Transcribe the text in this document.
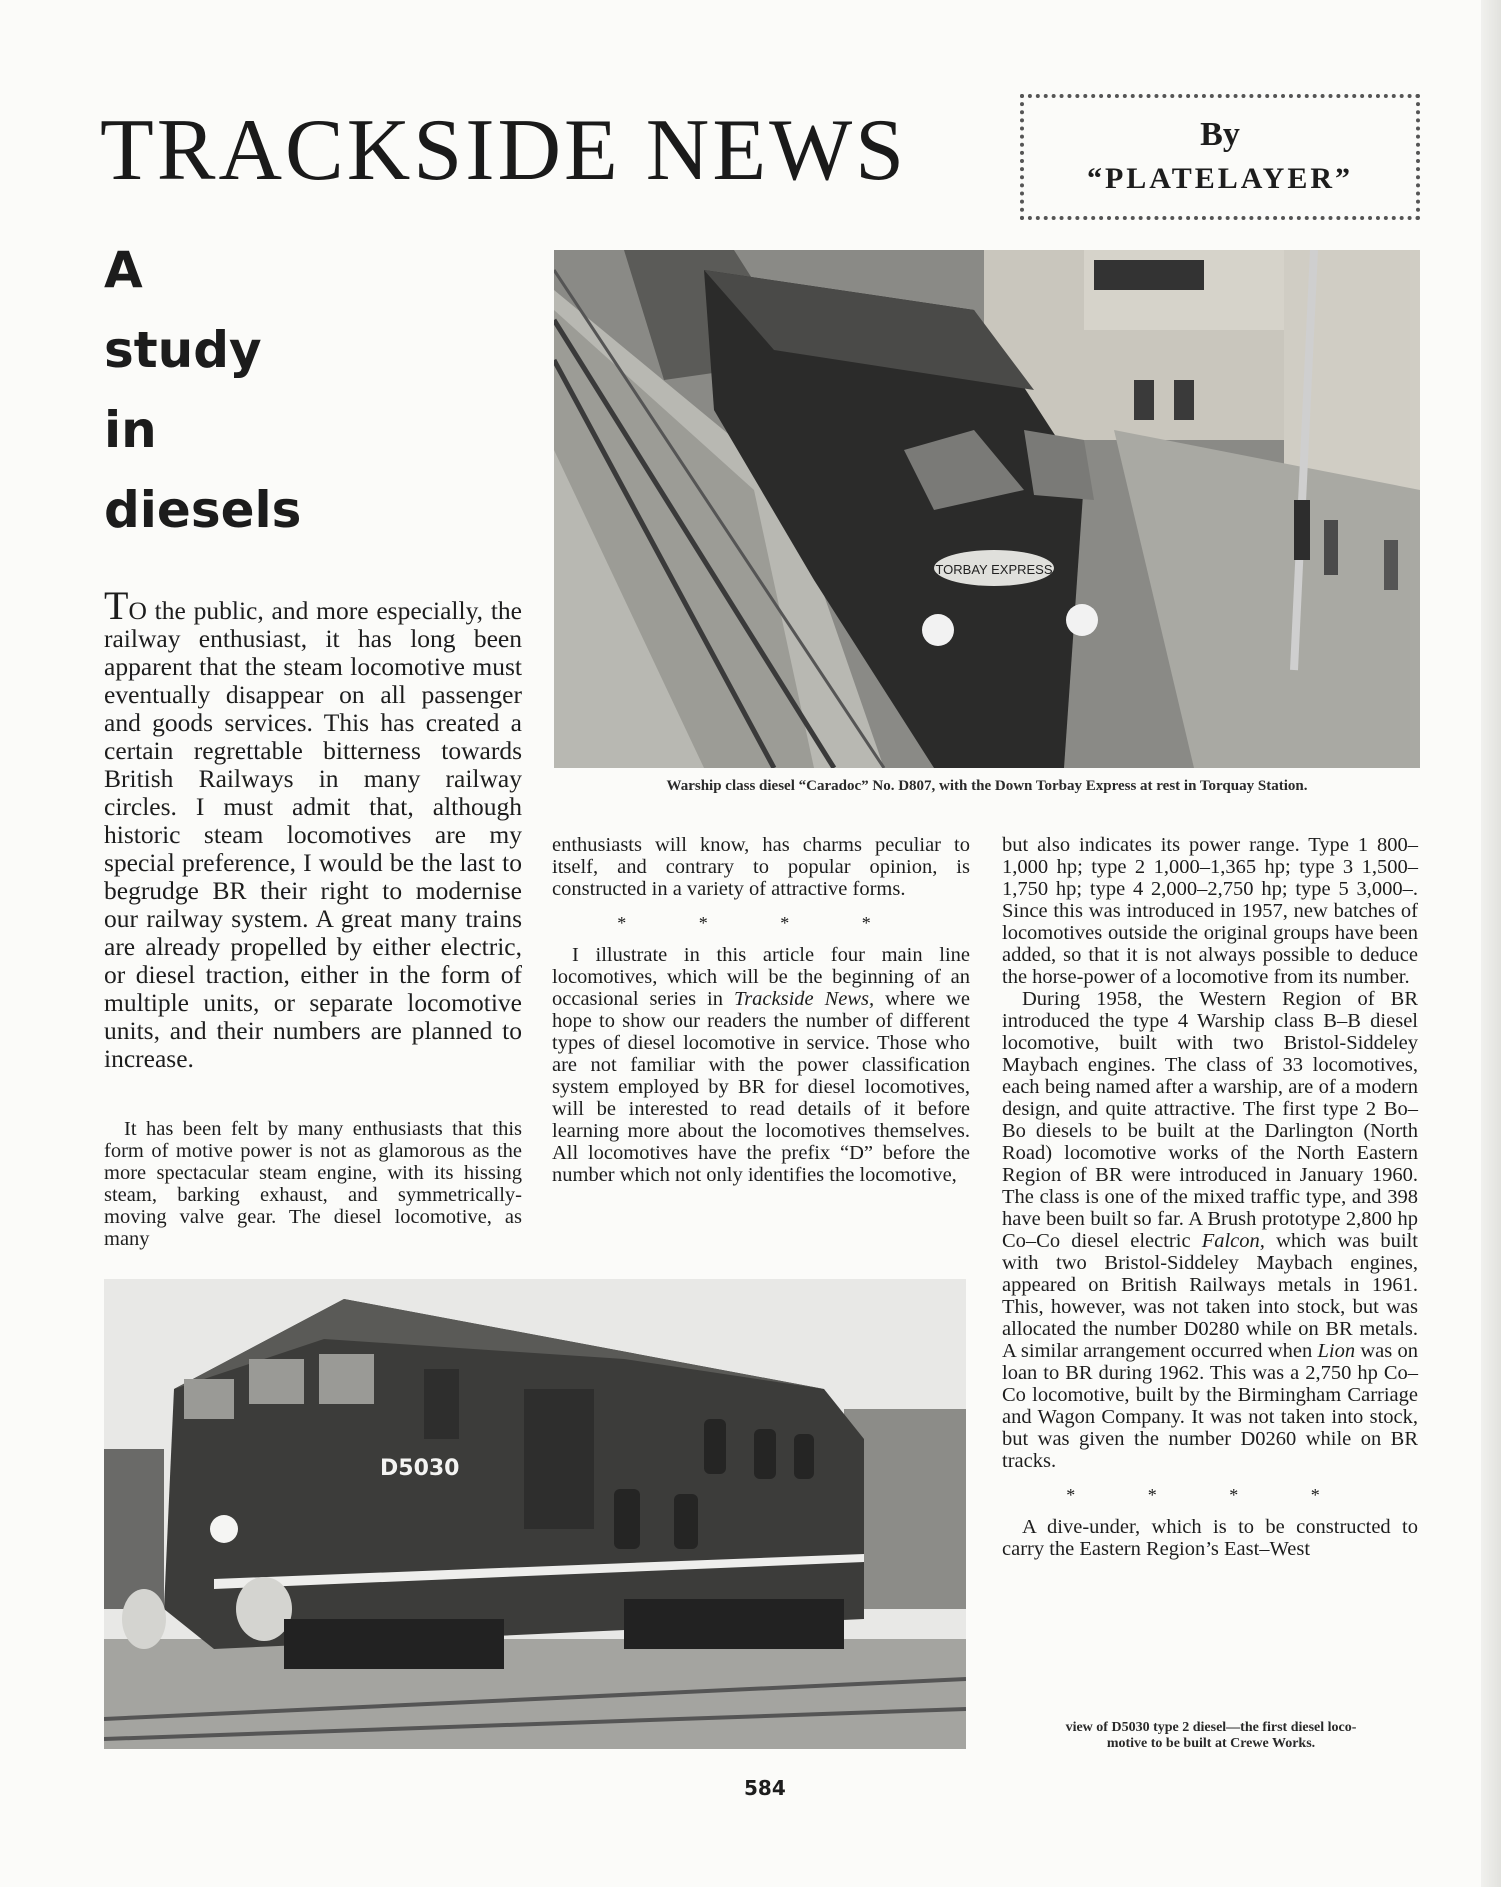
TRACKSIDE NEWS	By
“PLATELAYER”
A
study
in
diesels
TORBAY EXPRESS
Warship class diesel “Caradoc” No. D807, with the Down Torbay Express at rest in Torquay Station.
D5030
view of D5030 type 2 diesel—the first diesel loco-
motive to be built at Crewe Works.

TO the public, and more especially, the railway enthusiast, it has long been apparent that the steam locomotive must eventually disappear on all passenger and goods services. This has created a certain regrettable bitterness towards British Railways in many railway circles. I must admit that, although historic steam locomotives are my special preference, I would be the last to begrudge BR their right to modernise our railway system. A great many trains are already propelled by either electric, or diesel traction, either in the form of multiple units, or separate locomotive units, and their numbers are planned to increase.

It has been felt by many enthusiasts that this form of motive power is not as glamorous as the more spectacular steam engine, with its hissing steam, barking exhaust, and symmetrically-moving valve gear. The diesel locomotive, as many

enthusiasts will know, has charms peculiar to itself, and contrary to popular opinion, is constructed in a variety of attractive forms.

* * * *

I illustrate in this article four main line locomotives, which will be the beginning of an occasional series in Trackside News, where we hope to show our readers the number of different types of diesel locomotive in service. Those who are not familiar with the power classification system employed by BR for diesel locomotives, will be interested to read details of it before learning more about the locomotives themselves. All locomotives have the prefix “D” before the number which not only identifies the locomotive,

but also indicates its power range. Type 1 800–1,000 hp; type 2 1,000–1,365 hp; type 3 1,500–1,750 hp; type 4 2,000–2,750 hp; type 5 3,000–. Since this was introduced in 1957, new batches of locomotives outside the original groups have been added, so that it is not always possible to deduce the horse-power of a locomotive from its number.

During 1958, the Western Region of BR introduced the type 4 Warship class B–B diesel locomotive, built with two Bristol-Siddeley Maybach engines. The class of 33 locomotives, each being named after a warship, are of a modern design, and quite attractive. The first type 2 Bo–Bo diesels to be built at the Darlington (North Road) locomotive works of the North Eastern Region of BR were introduced in January 1960. The class is one of the mixed traffic type, and 398 have been built so far. A Brush prototype 2,800 hp Co–Co diesel electric Falcon, which was built with two Bristol-Siddeley Maybach engines, appeared on British Railways metals in 1961. This, however, was not taken into stock, but was allocated the number D0280 while on BR metals. A similar arrangement occurred when Lion was on loan to BR during 1962. This was a 2,750 hp Co–Co locomotive, built by the Birmingham Carriage and Wagon Company. It was not taken into stock, but was given the number D0260 while on BR tracks.

* * * *

A dive-under, which is to be constructed to carry the Eastern Region’s East–West

584
